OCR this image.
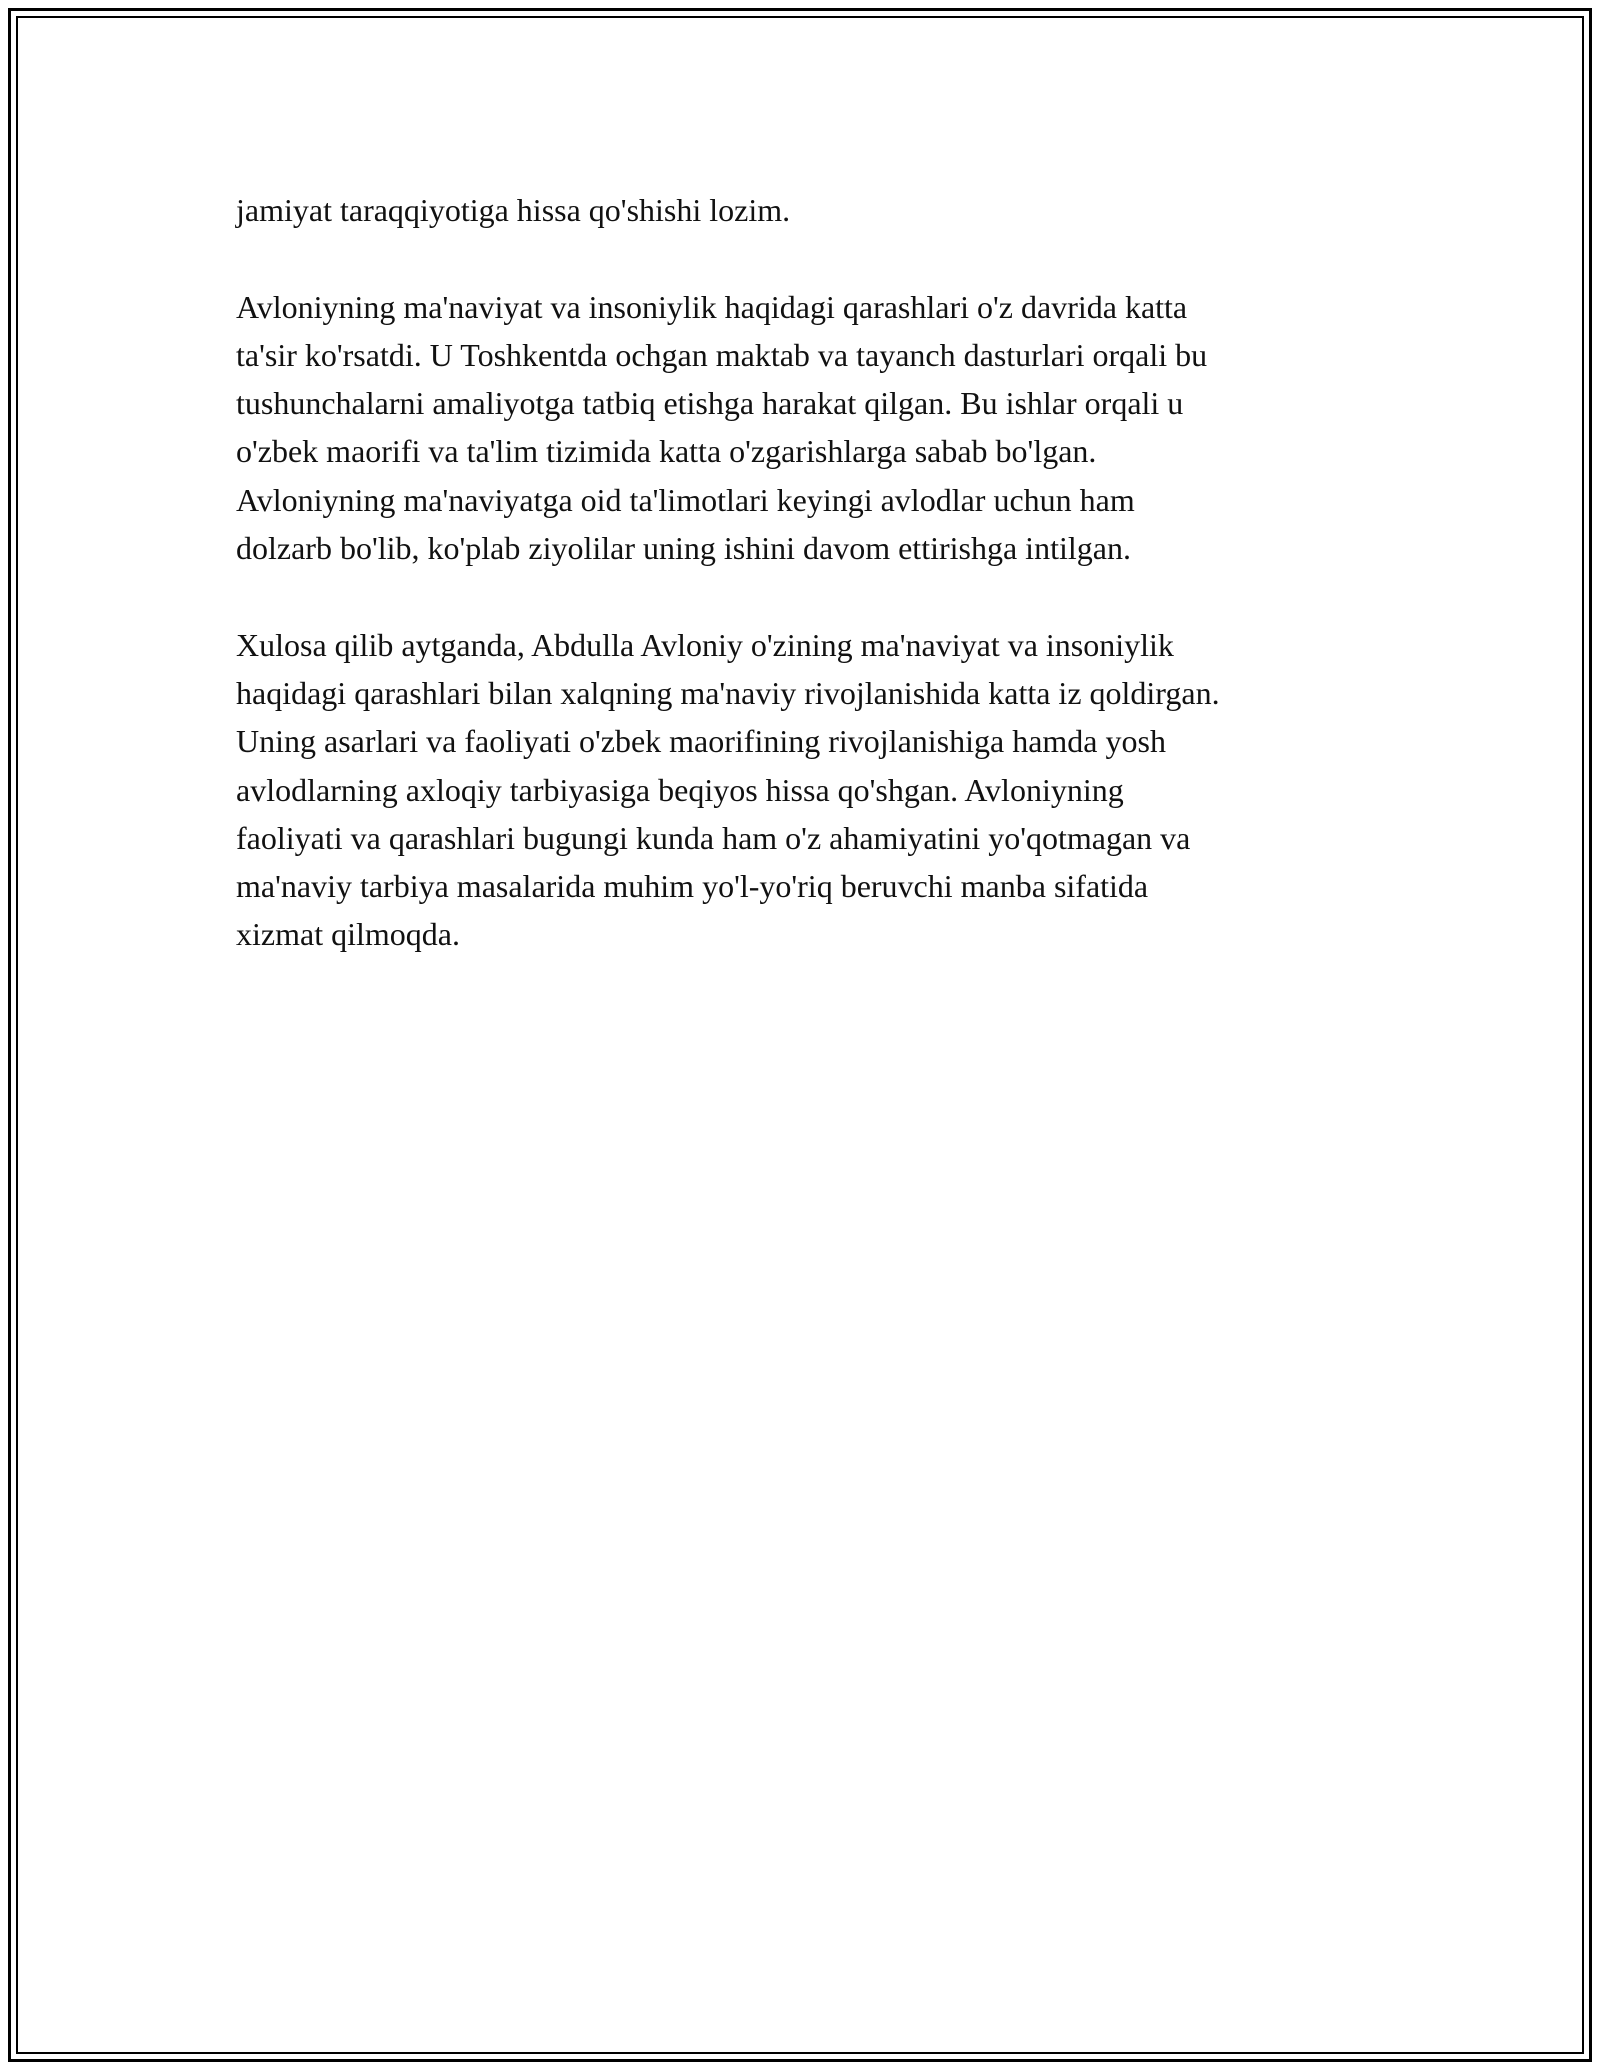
jamiyat taraqqiyotiga hissa qo'shishi lozim.

Avloniyning ma'naviyat va insoniylik haqidagi qarashlari o'z davrida katta
ta'sir ko'rsatdi. U Toshkentda ochgan maktab va tayanch dasturlari orqali bu
tushunchalarni amaliyotga tatbiq etishga harakat qilgan. Bu ishlar orqali u
o'zbek maorifi va ta'lim tizimida katta o'zgarishlarga sabab bo'lgan.
Avloniyning ma'naviyatga oid ta'limotlari keyingi avlodlar uchun ham
dolzarb bo'lib, ko'plab ziyolilar uning ishini davom ettirishga intilgan.

Xulosa qilib aytganda, Abdulla Avloniy o'zining ma'naviyat va insoniylik
haqidagi qarashlari bilan xalqning ma'naviy rivojlanishida katta iz qoldirgan.
Uning asarlari va faoliyati o'zbek maorifining rivojlanishiga hamda yosh
avlodlarning axloqiy tarbiyasiga beqiyos hissa qo'shgan. Avloniyning
faoliyati va qarashlari bugungi kunda ham o'z ahamiyatini yo'qotmagan va
ma'naviy tarbiya masalarida muhim yo'l-yo'riq beruvchi manba sifatida
xizmat qilmoqda.
